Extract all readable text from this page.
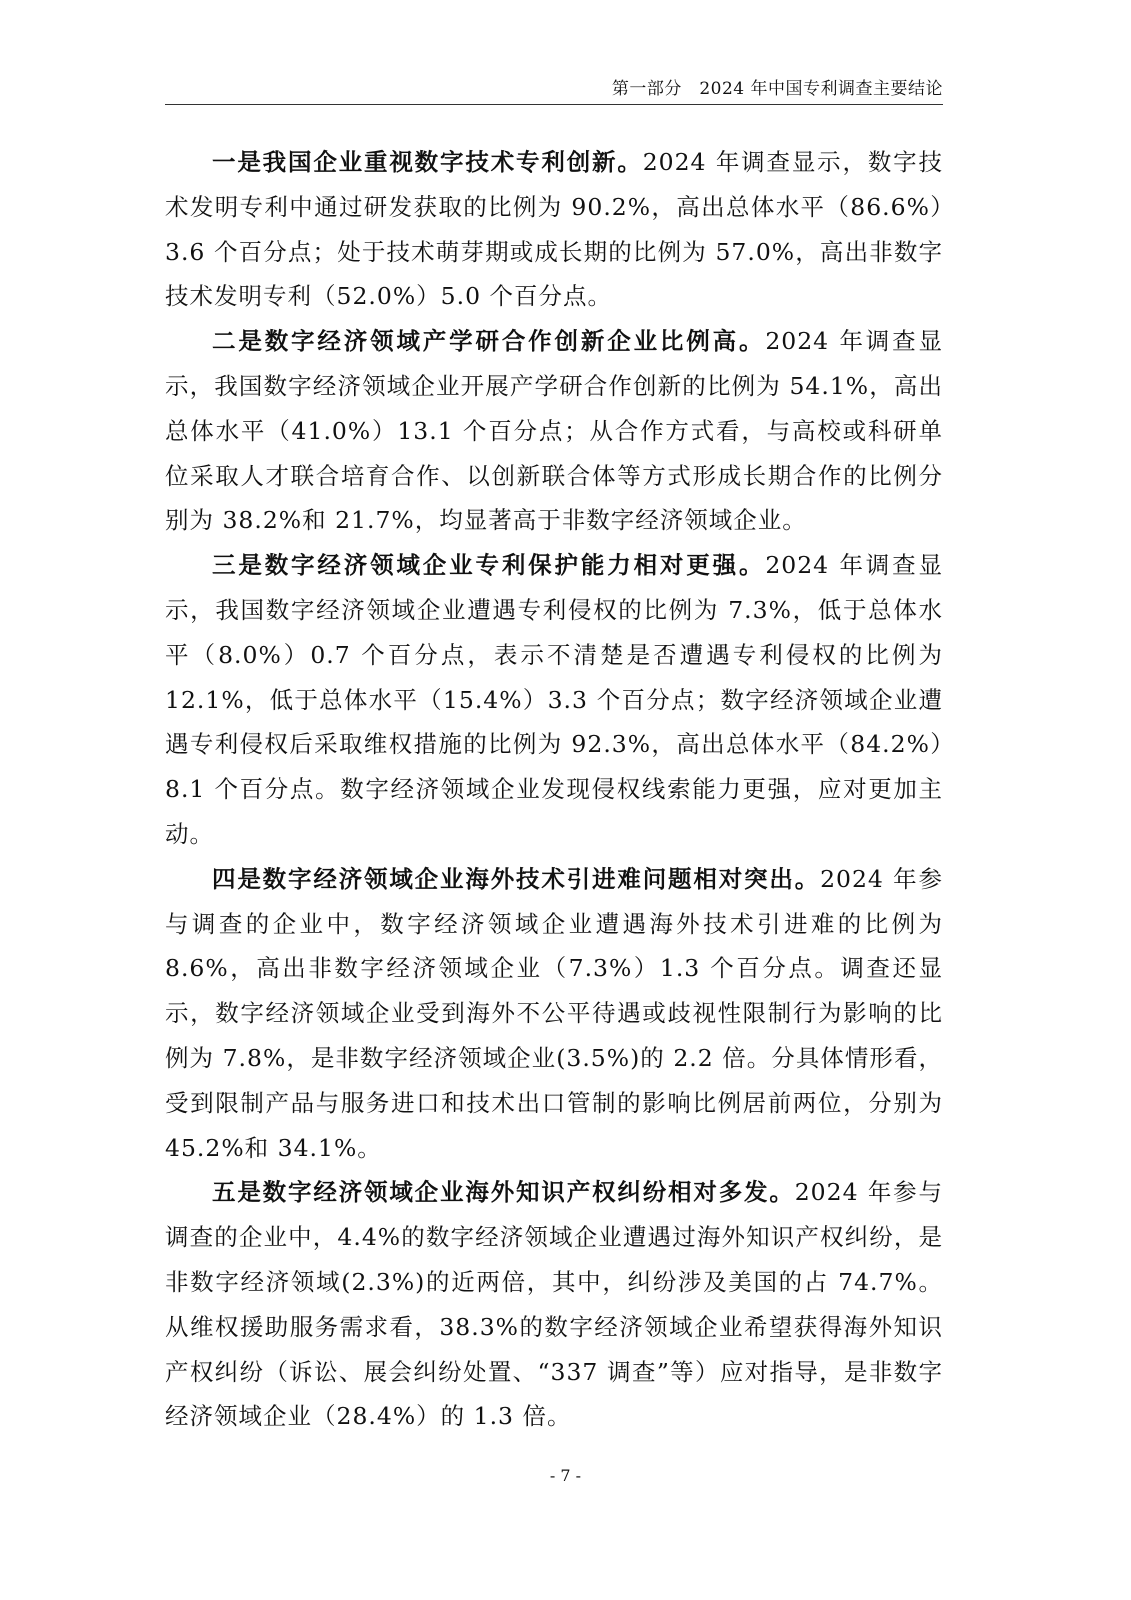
第一部分　2024 年中国专利调查主要结论

一是我国企业重视数字技术专利创新。2024 年调查显示，数字技术发明专利中通过研发获取的比例为 90.2%，高出总体水平（86.6%）3.6 个百分点；处于技术萌芽期或成长期的比例为 57.0%，高出非数字技术发明专利（52.0%）5.0 个百分点。

二是数字经济领域产学研合作创新企业比例高。2024 年调查显示，我国数字经济领域企业开展产学研合作创新的比例为 54.1%，高出总体水平（41.0%）13.1 个百分点；从合作方式看，与高校或科研单位采取人才联合培育合作、以创新联合体等方式形成长期合作的比例分别为 38.2%和 21.7%，均显著高于非数字经济领域企业。

三是数字经济领域企业专利保护能力相对更强。2024 年调查显示，我国数字经济领域企业遭遇专利侵权的比例为 7.3%，低于总体水平（8.0%）0.7 个百分点，表示不清楚是否遭遇专利侵权的比例为 12.1%，低于总体水平（15.4%）3.3 个百分点；数字经济领域企业遭遇专利侵权后采取维权措施的比例为 92.3%，高出总体水平（84.2%）8.1 个百分点。数字经济领域企业发现侵权线索能力更强，应对更加主动。

四是数字经济领域企业海外技术引进难问题相对突出。2024 年参与调查的企业中，数字经济领域企业遭遇海外技术引进难的比例为 8.6%，高出非数字经济领域企业（7.3%）1.3 个百分点。调查还显示，数字经济领域企业受到海外不公平待遇或歧视性限制行为影响的比例为 7.8%，是非数字经济领域企业(3.5%)的 2.2 倍。分具体情形看，受到限制产品与服务进口和技术出口管制的影响比例居前两位，分别为 45.2%和 34.1%。

五是数字经济领域企业海外知识产权纠纷相对多发。2024 年参与调查的企业中，4.4%的数字经济领域企业遭遇过海外知识产权纠纷，是非数字经济领域(2.3%)的近两倍，其中，纠纷涉及美国的占 74.7%。从维权援助服务需求看，38.3%的数字经济领域企业希望获得海外知识产权纠纷（诉讼、展会纠纷处置、“337 调查”等）应对指导，是非数字经济领域企业（28.4%）的 1.3 倍。

- 7 -
